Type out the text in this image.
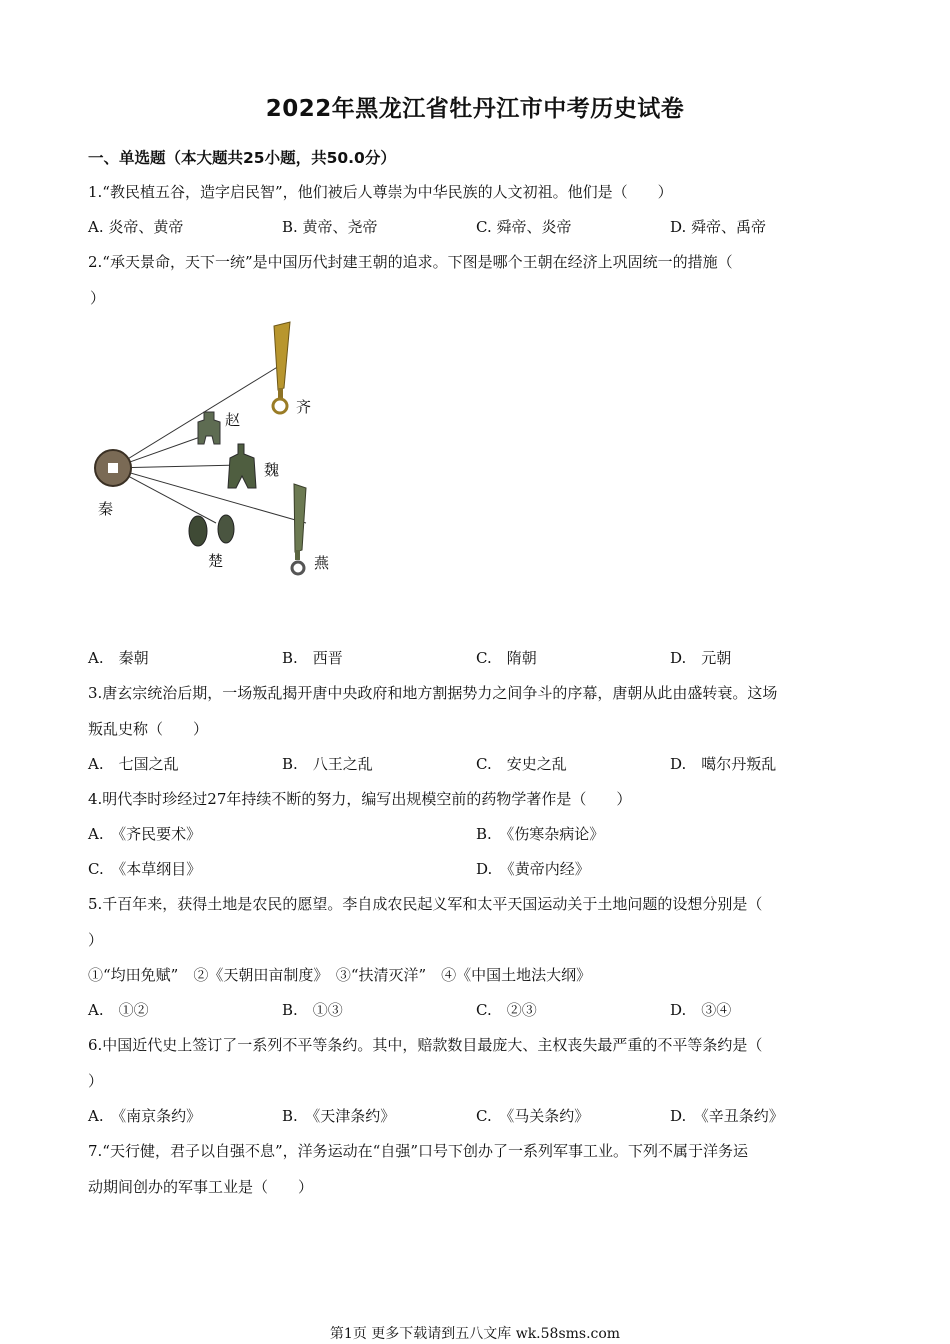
2022年黑龙江省牡丹江市中考历史试卷
一、单选题（本大题共25小题，共50.0分）
1.“教民植五谷，造字启民智”，他们被后人尊崇为中华民族的人文初祖。他们是（　　）
A. 炎帝、黄帝	B. 黄帝、尧帝	C. 舜帝、炎帝	D. 舜帝、禹帝
2.“承天景命，天下一统”是中国历代封建王朝的追求。下图是哪个王朝在经济上巩固统一的措施（
）
齐
赵
魏
秦
楚	燕
A.　秦朝	B.　西晋	C.　隋朝	D.　元朝
3.唐玄宗统治后期，一场叛乱揭开唐中央政府和地方割据势力之间争斗的序幕，唐朝从此由盛转衰。这场
叛乱史称（　　）
A.　七国之乱	B.　八王之乱	C.　安史之乱	D.　噶尔丹叛乱
4.明代李时珍经过27年持续不断的努力，编写出规模空前的药物学著作是（　　）
A.　《齐民要术》	B.　《伤寒杂病论》
C.　《本草纲目》	D.　《黄帝内经》
5.千百年来，获得土地是农民的愿望。李自成农民起义军和太平天国运动关于土地问题的设想分别是（
）
①“均田免赋”　②《天朝田亩制度》　③“扶清灭洋”　④《中国土地法大纲》
A.　①②	B.　①③	C.　②③	D.　③④
6.中国近代史上签订了一系列不平等条约。其中，赔款数目最庞大、主权丧失最严重的不平等条约是（
）
A.　《南京条约》	B.　《天津条约》	C.　《马关条约》	D.　《辛丑条约》
7.“天行健，君子以自强不息”，洋务运动在“自强”口号下创办了一系列军事工业。下列不属于洋务运
动期间创办的军事工业是（　　）
第1页 更多下载请到五八文库 wk.58sms.com
